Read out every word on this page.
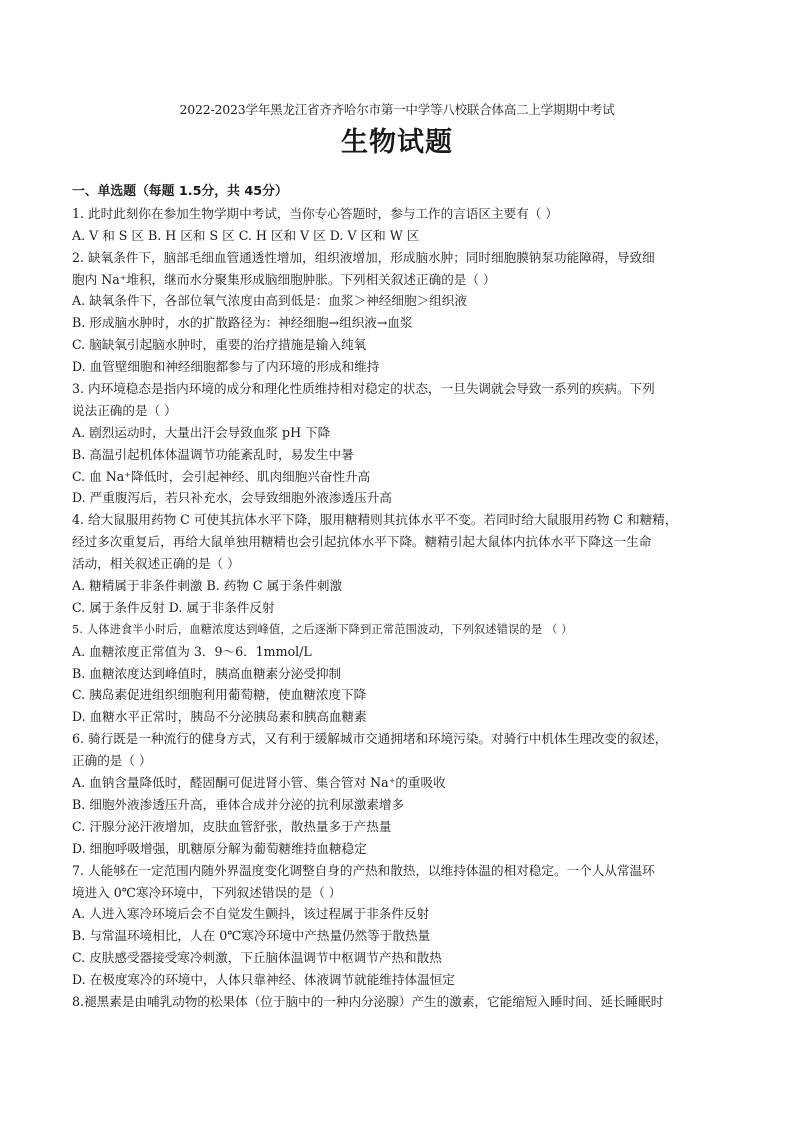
2022-2023学年黑龙江省齐齐哈尔市第一中学等八校联合体高二上学期期中考试
生物试题
一、单选题（每题 1.5分，共 45分）
1. 此时此刻你在参加生物学期中考试，当你专心答题时，参与工作的言语区主要有（ ）
A. V 和 S 区 B. H 区和 S 区 C. H 区和 V 区 D. V 区和 W 区
2. 缺氧条件下，脑部毛细血管通透性增加，组织液增加，形成脑水肿；同时细胞膜钠泵功能障碍，导致细
胞内 Na⁺堆积，继而水分聚集形成脑细胞肿胀。下列相关叙述正确的是（ ）
A. 缺氧条件下，各部位氧气浓度由高到低是：血浆＞神经细胞＞组织液
B. 形成脑水肿时，水的扩散路径为：神经细胞→组织液→血浆
C. 脑缺氧引起脑水肿时，重要的治疗措施是输入纯氧
D. 血管壁细胞和神经细胞都参与了内环境的形成和维持
3. 内环境稳态是指内环境的成分和理化性质维持相对稳定的状态，一旦失调就会导致一系列的疾病。下列
说法正确的是（ ）
A. 剧烈运动时，大量出汗会导致血浆 pH 下降
B. 高温引起机体体温调节功能紊乱时，易发生中暑
C. 血 Na⁺降低时，会引起神经、肌肉细胞兴奋性升高
D. 严重腹泻后，若只补充水，会导致细胞外液渗透压升高
4. 给大鼠服用药物 C 可使其抗体水平下降，服用糖精则其抗体水平不变。若同时给大鼠服用药物 C 和糖精，
经过多次重复后，再给大鼠单独用糖精也会引起抗体水平下降。糖精引起大鼠体内抗体水平下降这一生命
活动，相关叙述正确的是（ ）
A. 糖精属于非条件刺激 B. 药物 C 属于条件刺激
C. 属于条件反射 D. 属于非条件反射
5. 人体进食半小时后，血糖浓度达到峰值，之后逐渐下降到正常范围波动，下列叙述错误的是 （ ）
A. 血糖浓度正常值为 3．9～6．1mmol/L
B. 血糖浓度达到峰值时，胰高血糖素分泌受抑制
C. 胰岛素促进组织细胞利用葡萄糖，使血糖浓度下降
D. 血糖水平正常时，胰岛不分泌胰岛素和胰高血糖素
6. 骑行既是一种流行的健身方式，又有利于缓解城市交通拥堵和环境污染。对骑行中机体生理改变的叙述，
正确的是（ ）
A. 血钠含量降低时，醛固酮可促进肾小管、集合管对 Na⁺的重吸收
B. 细胞外液渗透压升高，垂体合成并分泌的抗利尿激素增多
C. 汗腺分泌汗液增加，皮肤血管舒张，散热量多于产热量
D. 细胞呼吸增强，肌糖原分解为葡萄糖维持血糖稳定
7. 人能够在一定范围内随外界温度变化调整自身的产热和散热，以维持体温的相对稳定。一个人从常温环
境进入 0℃寒冷环境中，下列叙述错误的是（ ）
A. 人进入寒冷环境后会不自觉发生颤抖，该过程属于非条件反射
B. 与常温环境相比，人在 0℃寒冷环境中产热量仍然等于散热量
C. 皮肤感受器接受寒冷刺激，下丘脑体温调节中枢调节产热和散热
D. 在极度寒冷的环境中，人体只靠神经、体液调节就能维持体温恒定
8.褪黑素是由哺乳动物的松果体（位于脑中的一种内分泌腺）产生的激素，它能缩短入睡时间、延长睡眠时
